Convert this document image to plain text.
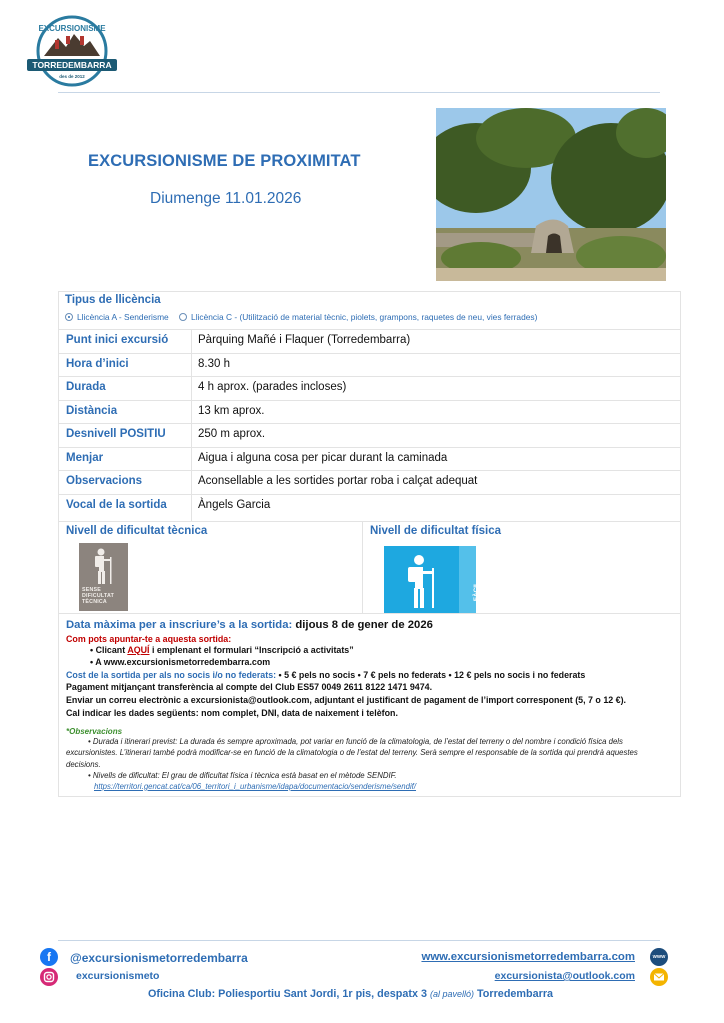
EXCURSIONISME
TORREDEMBARRA
des de 2012
EXCURSIONISME DE PROXIMITAT
Diumenge 11.01.2026
Tipus de llicència
Llicència A - Senderisme	Llicència C - (Utilització de material tècnic, piolets, grampons, raquetes de neu, vies ferrades)
Punt inici excursió	Pàrquing Mañé i Flaquer (Torredembarra)
Hora d’inici	8.30 h
Durada	4 h aprox. (parades incloses)
Distància	13 km aprox.
Desnivell POSITIU	250 m aprox.
Menjar	Aigua i alguna cosa per picar durant la caminada
Observacions	Aconsellable a les sortides portar roba i calçat adequat
Vocal de la sortida	Àngels Garcia
Nivell de dificultat tècnica
SENSE
DIFICULTAT
TÈCNICA
Nivell de dificultat física
FÀCIL
Data màxima per a inscriure’s a la sortida: dijous 8 de gener de 2026
Com pots apuntar-te a aquesta sortida:
• Clicant AQUÍ i emplenant el formulari “Inscripció a activitats”
• A www.excursionismetorredembarra.com
Cost de la sortida per als no socis i/o no federats: • 5 € pels no socis • 7 € pels no federats • 12 € pels no socis i no federats
Pagament mitjançant transferència al compte del Club ES57 0049 2611 8122 1471 9474.
Enviar un correu electrònic a excursionista@outlook.com, adjuntant el justificant de pagament de l’import corresponent (5, 7 o 12 €).
Cal indicar les dades següents: nom complet, DNI, data de naixement i telèfon.
*Observacions
• Durada i itinerari previst: La durada és sempre aproximada, pot variar en funció de la climatologia, de l’estat del terreny o del nombre i condició física dels excursionistes. L’itinerari també podrà modificar-se en funció de la climatologia o de l’estat del terreny. Serà sempre el responsable de la sortida qui prendrà aquestes decisions.
• Nivells de dificultat: El grau de dificultat física i tècnica està basat en el mètode SENDIF.
https://territori.gencat.cat/ca/06_territori_i_urbanisme/idapa/documentacio/senderisme/sendif/
f	@excursionismetorredembarra
excursionismeto
www.excursionismetorredembarra.com
excursionista@outlook.com
WWW
Oficina Club: Poliesportiu Sant Jordi, 1r pis, despatx 3 (al pavelló) Torredembarra
